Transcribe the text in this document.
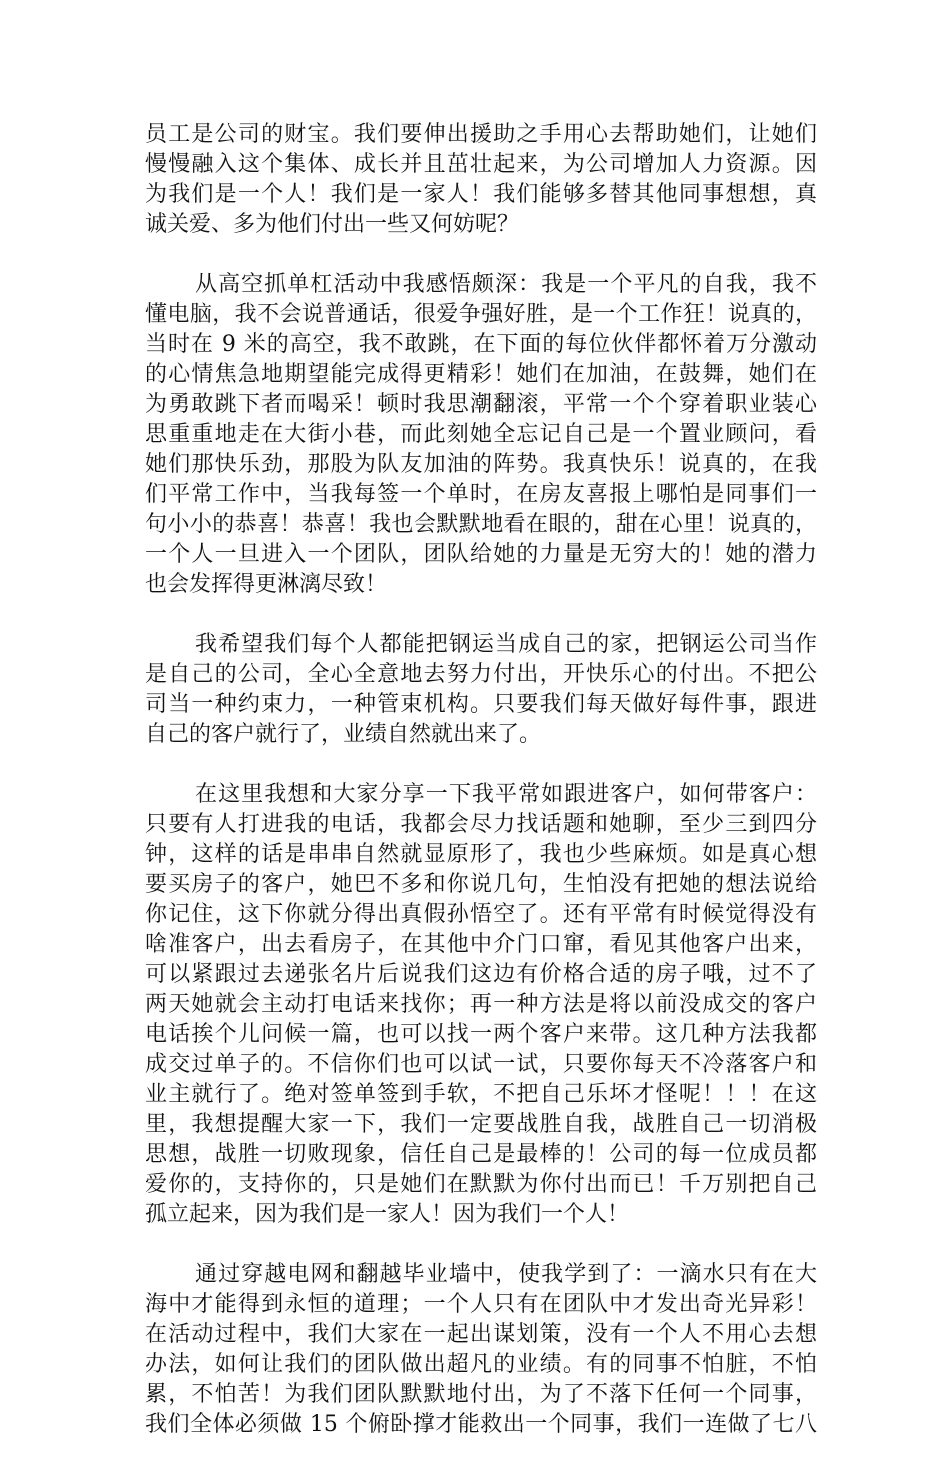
员工是公司的财宝。我们要伸出援助之手用心去帮助她们，让她们
慢慢融入这个集体、成长并且茁壮起来，为公司增加人力资源。因
为我们是一个人！我们是一家人！我们能够多替其他同事想想，真
诚关爱、多为他们付出一些又何妨呢？
从高空抓单杠活动中我感悟颇深：我是一个平凡的自我，我不
懂电脑，我不会说普通话，很爱争强好胜，是一个工作狂！说真的，
当时在 9 米的高空，我不敢跳，在下面的每位伙伴都怀着万分激动
的心情焦急地期望能完成得更精彩！她们在加油，在鼓舞，她们在
为勇敢跳下者而喝采！顿时我思潮翻滚，平常一个个穿着职业装心
思重重地走在大街小巷，而此刻她全忘记自己是一个置业顾问，看
她们那快乐劲，那股为队友加油的阵势。我真快乐！说真的，在我
们平常工作中，当我每签一个单时，在房友喜报上哪怕是同事们一
句小小的恭喜！恭喜！我也会默默地看在眼的，甜在心里！说真的，
一个人一旦进入一个团队，团队给她的力量是无穷大的！她的潜力
也会发挥得更淋漓尽致！
我希望我们每个人都能把钢运当成自己的家，把钢运公司当作
是自己的公司，全心全意地去努力付出，开快乐心的付出。不把公
司当一种约束力，一种管束机构。只要我们每天做好每件事，跟进
自己的客户就行了，业绩自然就出来了。
在这里我想和大家分享一下我平常如跟进客户，如何带客户：
只要有人打进我的电话，我都会尽力找话题和她聊，至少三到四分
钟，这样的话是串串自然就显原形了，我也少些麻烦。如是真心想
要买房子的客户，她巴不多和你说几句，生怕没有把她的想法说给
你记住，这下你就分得出真假孙悟空了。还有平常有时候觉得没有
啥准客户，出去看房子，在其他中介门口窜，看见其他客户出来，
可以紧跟过去递张名片后说我们这边有价格合适的房子哦，过不了
两天她就会主动打电话来找你；再一种方法是将以前没成交的客户
电话挨个儿问候一篇，也可以找一两个客户来带。这几种方法我都
成交过单子的。不信你们也可以试一试，只要你每天不冷落客户和
业主就行了。绝对签单签到手软，不把自己乐坏才怪呢！！！在这
里，我想提醒大家一下，我们一定要战胜自我，战胜自己一切消极
思想，战胜一切败现象，信任自己是最棒的！公司的每一位成员都
爱你的，支持你的，只是她们在默默为你付出而已！千万别把自己
孤立起来，因为我们是一家人！因为我们一个人！
通过穿越电网和翻越毕业墙中，使我学到了：一滴水只有在大
海中才能得到永恒的道理；一个人只有在团队中才发出奇光异彩！
在活动过程中，我们大家在一起出谋划策，没有一个人不用心去想
办法，如何让我们的团队做出超凡的业绩。有的同事不怕脏，不怕
累，不怕苦！为我们团队默默地付出，为了不落下任何一个同事，
我们全体必须做 15 个俯卧撑才能救出一个同事，我们一连做了七八
